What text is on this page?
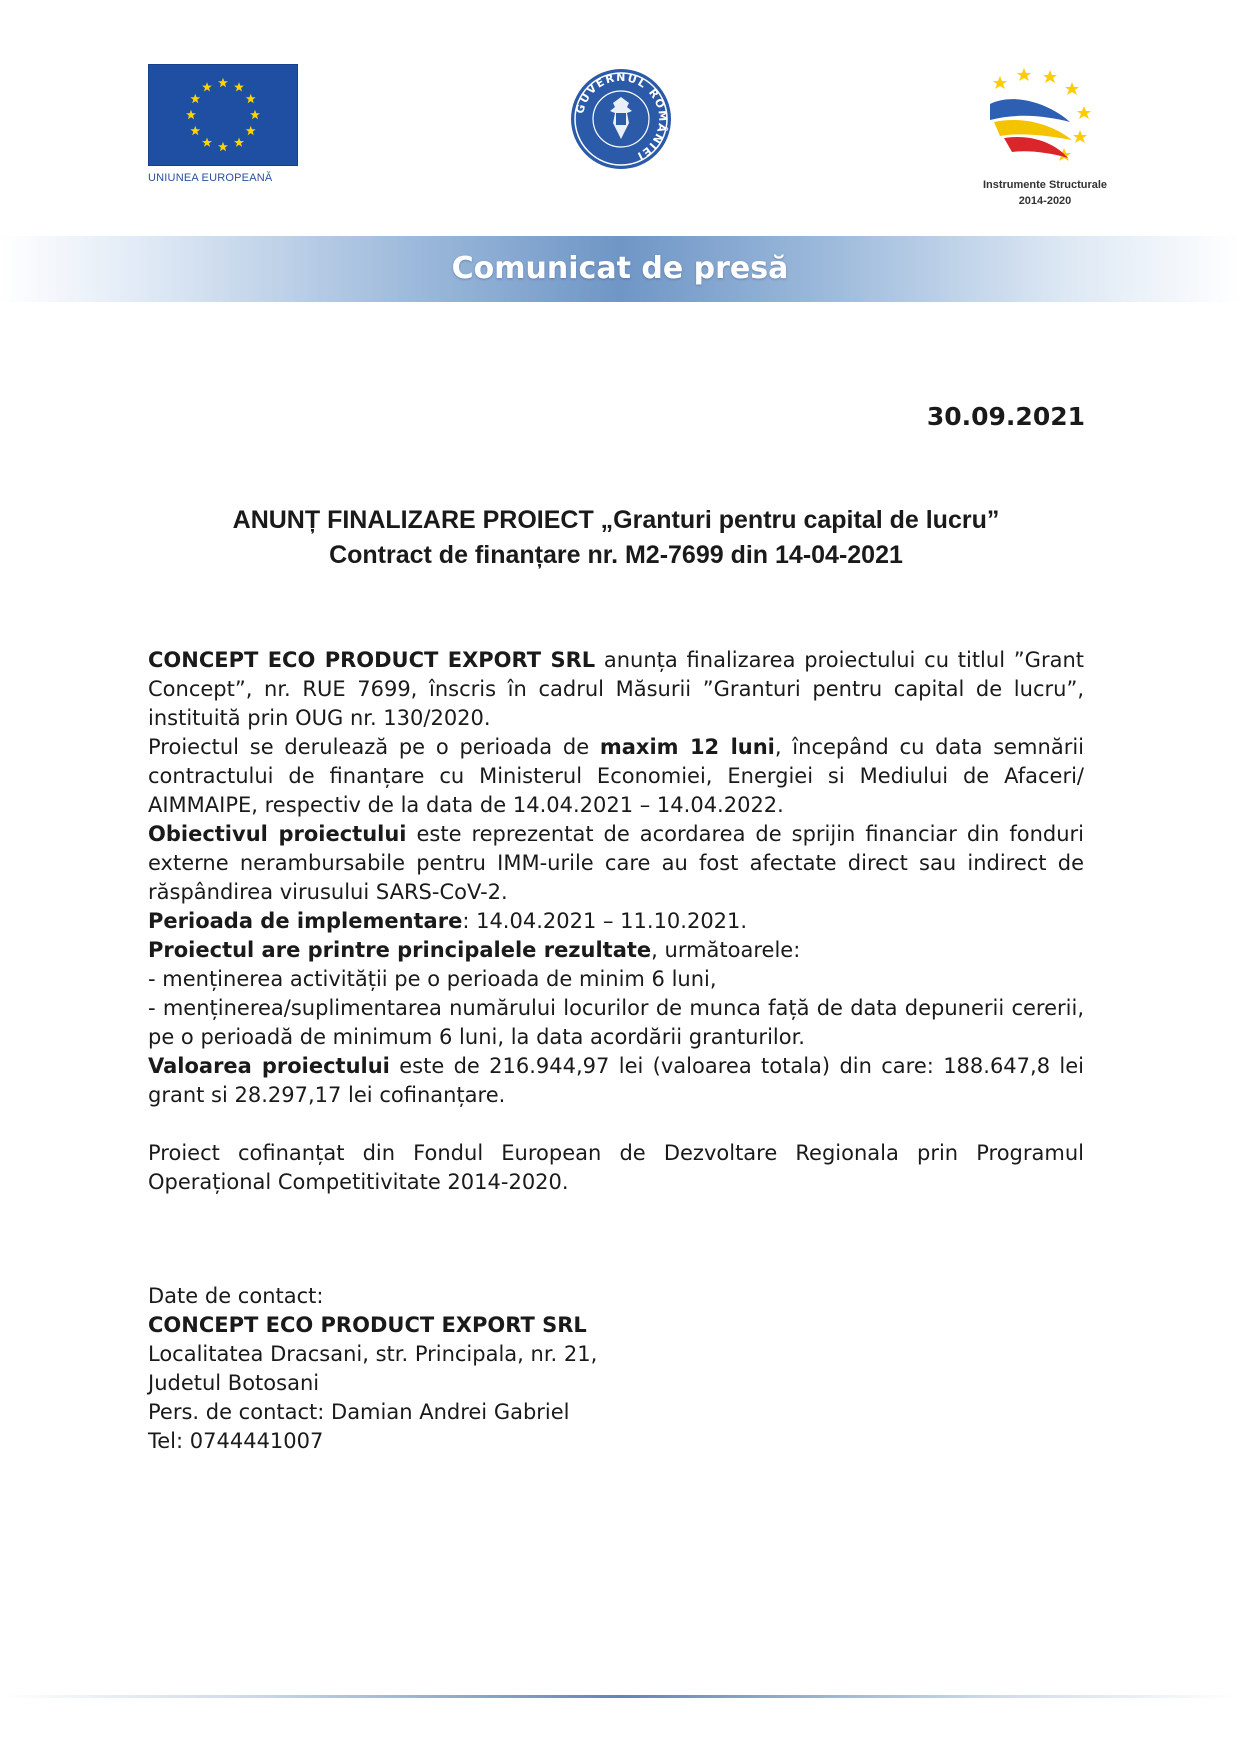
UNIUNEA EUROPEANĂ
GUVERNUL ROMÂNIEI
Instrumente Structurale
2014-2020
Comunicat de presă
30.09.2021
ANUNȚ FINALIZARE PROIECT „Granturi pentru capital de lucru”
Contract de finanțare nr. M2-7699 din 14-04-2021

CONCEPT ECO PRODUCT EXPORT SRL anunța finalizarea proiectului cu titlul ”Grant Concept”, nr. RUE 7699, înscris în cadrul Măsurii ”Granturi pentru capital de lucru”, instituită prin OUG nr. 130/2020.

Proiectul se derulează pe o perioada de maxim 12 luni, începând cu data semnării contractului de finanțare cu Ministerul Economiei, Energiei si Mediului de Afaceri/ AIMMAIPE, respectiv de la data de 14.04.2021 – 14.04.2022.

Obiectivul proiectului este reprezentat de acordarea de sprijin financiar din fonduri externe nerambursabile pentru IMM-urile care au fost afectate direct sau indirect de răspândirea virusului SARS-CoV-2.

Perioada de implementare: 14.04.2021 – 11.10.2021.

Proiectul are printre principalele rezultate, următoarele:

- menținerea activității pe o perioada de minim 6 luni,

- menținerea/suplimentarea numărului locurilor de munca față de data depunerii cererii, pe o perioadă de minimum 6 luni, la data acordării granturilor.

Valoarea proiectului este de 216.944,97 lei (valoarea totala) din care: 188.647,8 lei grant si 28.297,17 lei cofinanțare.

Proiect cofinanțat din Fondul European de Dezvoltare Regionala prin Programul Operațional Competitivitate 2014-2020.

Date de contact:
CONCEPT ECO PRODUCT EXPORT SRL
Localitatea Dracsani, str. Principala, nr. 21,
Judetul Botosani
Pers. de contact: Damian Andrei Gabriel
Tel: 0744441007
